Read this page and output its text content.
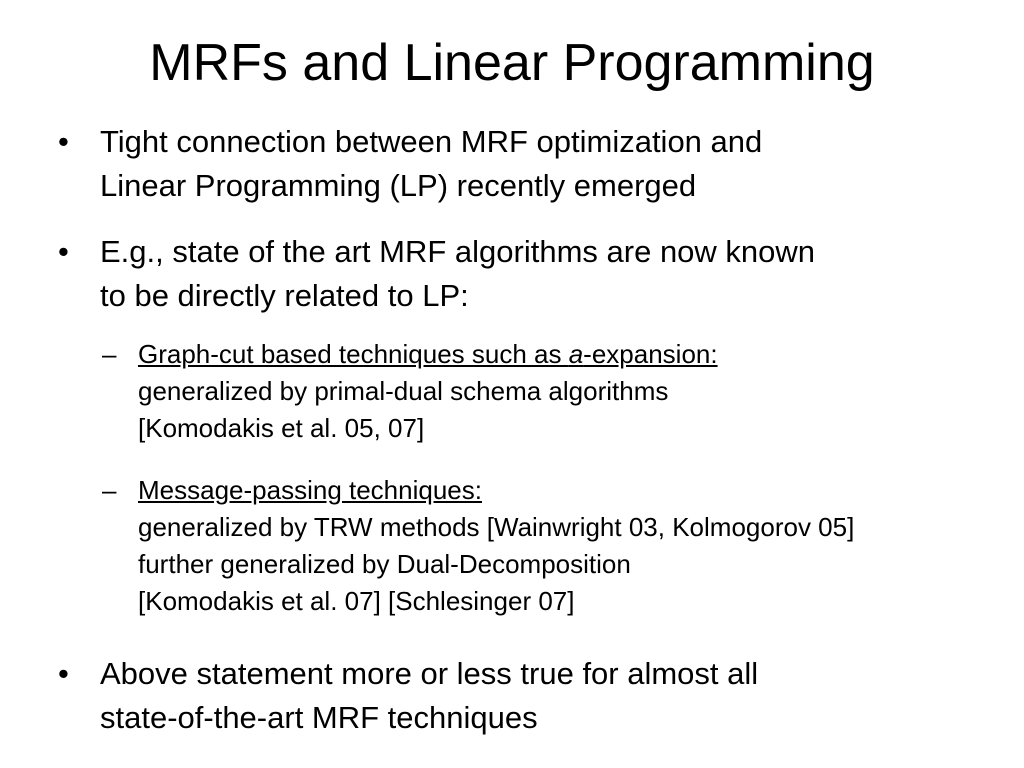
MRFs and Linear Programming
• Tight connection between MRF optimization and
Linear Programming (LP) recently emerged
• E.g., state of the art MRF algorithms are now known
to be directly related to LP:
– Graph-cut based techniques such as a-expansion:
generalized by primal-dual schema algorithms
[Komodakis et al. 05, 07]
– Message-passing techniques:
generalized by TRW methods [Wainwright 03, Kolmogorov 05]
further generalized by Dual-Decomposition
[Komodakis et al. 07] [Schlesinger 07]
• Above statement more or less true for almost all
state-of-the-art MRF techniques
